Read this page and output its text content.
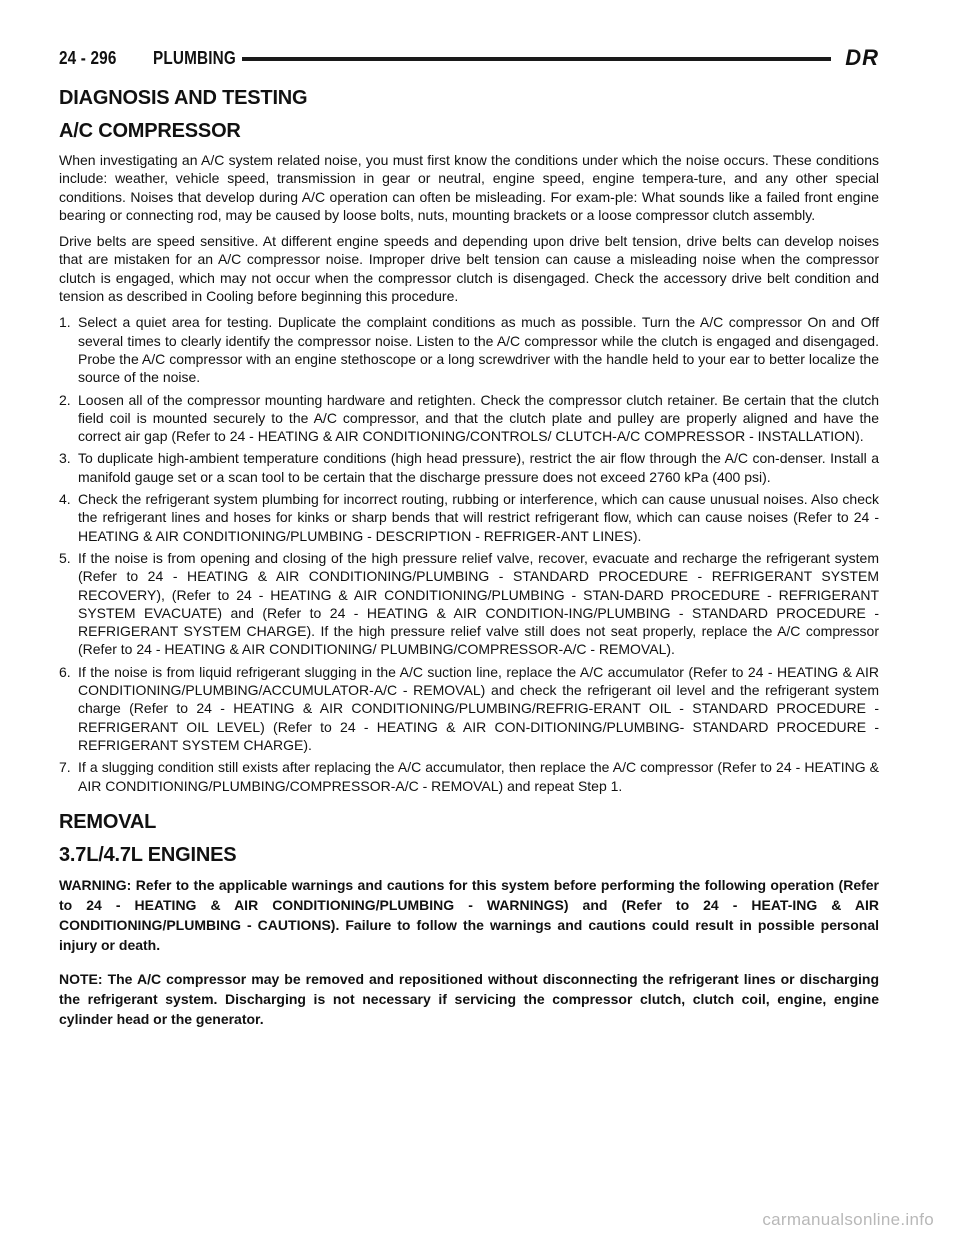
24 - 296 PLUMBING	DR
DIAGNOSIS AND TESTING
A/C COMPRESSOR

When investigating an A/C system related noise, you must first know the conditions under which the noise occurs. These conditions include: weather, vehicle speed, transmission in gear or neutral, engine speed, engine tempera-ture, and any other special conditions. Noises that develop during A/C operation can often be misleading. For exam-ple: What sounds like a failed front engine bearing or connecting rod, may be caused by loose bolts, nuts, mounting brackets or a loose compressor clutch assembly.

Drive belts are speed sensitive. At different engine speeds and depending upon drive belt tension, drive belts can develop noises that are mistaken for an A/C compressor noise. Improper drive belt tension can cause a misleading noise when the compressor clutch is engaged, which may not occur when the compressor clutch is disengaged. Check the accessory drive belt condition and tension as described in Cooling before beginning this procedure.

1. Select a quiet area for testing. Duplicate the complaint conditions as much as possible. Turn the A/C compressor On and Off several times to clearly identify the compressor noise. Listen to the A/C compressor while the clutch is engaged and disengaged. Probe the A/C compressor with an engine stethoscope or a long screwdriver with the handle held to your ear to better localize the source of the noise.
2. Loosen all of the compressor mounting hardware and retighten. Check the compressor clutch retainer. Be certain that the clutch field coil is mounted securely to the A/C compressor, and that the clutch plate and pulley are properly aligned and have the correct air gap (Refer to 24 - HEATING & AIR CONDITIONING/CONTROLS/ CLUTCH-A/C COMPRESSOR - INSTALLATION).
3. To duplicate high-ambient temperature conditions (high head pressure), restrict the air flow through the A/C con-denser. Install a manifold gauge set or a scan tool to be certain that the discharge pressure does not exceed 2760 kPa (400 psi).
4. Check the refrigerant system plumbing for incorrect routing, rubbing or interference, which can cause unusual noises. Also check the refrigerant lines and hoses for kinks or sharp bends that will restrict refrigerant flow, which can cause noises (Refer to 24 - HEATING & AIR CONDITIONING/PLUMBING - DESCRIPTION - REFRIGER-ANT LINES).
5. If the noise is from opening and closing of the high pressure relief valve, recover, evacuate and recharge the refrigerant system (Refer to 24 - HEATING & AIR CONDITIONING/PLUMBING - STANDARD PROCEDURE - REFRIGERANT SYSTEM RECOVERY), (Refer to 24 - HEATING & AIR CONDITIONING/PLUMBING - STAN-DARD PROCEDURE - REFRIGERANT SYSTEM EVACUATE) and (Refer to 24 - HEATING & AIR CONDITION-ING/PLUMBING - STANDARD PROCEDURE - REFRIGERANT SYSTEM CHARGE). If the high pressure relief valve still does not seat properly, replace the A/C compressor (Refer to 24 - HEATING & AIR CONDITIONING/ PLUMBING/COMPRESSOR-A/C - REMOVAL).
6. If the noise is from liquid refrigerant slugging in the A/C suction line, replace the A/C accumulator (Refer to 24 - HEATING & AIR CONDITIONING/PLUMBING/ACCUMULATOR-A/C - REMOVAL) and check the refrigerant oil level and the refrigerant system charge (Refer to 24 - HEATING & AIR CONDITIONING/PLUMBING/REFRIG-ERANT OIL - STANDARD PROCEDURE - REFRIGERANT OIL LEVEL) (Refer to 24 - HEATING & AIR CON-DITIONING/PLUMBING- STANDARD PROCEDURE - REFRIGERANT SYSTEM CHARGE).
7. If a slugging condition still exists after replacing the A/C accumulator, then replace the A/C compressor (Refer to 24 - HEATING & AIR CONDITIONING/PLUMBING/COMPRESSOR-A/C - REMOVAL) and repeat Step 1.
REMOVAL
3.7L/4.7L ENGINES

WARNING: Refer to the applicable warnings and cautions for this system before performing the following operation (Refer to 24 - HEATING & AIR CONDITIONING/PLUMBING - WARNINGS) and (Refer to 24 - HEAT-ING & AIR CONDITIONING/PLUMBING - CAUTIONS). Failure to follow the warnings and cautions could result in possible personal injury or death.

NOTE: The A/C compressor may be removed and repositioned without disconnecting the refrigerant lines or discharging the refrigerant system. Discharging is not necessary if servicing the compressor clutch, clutch coil, engine, engine cylinder head or the generator.

carmanualsonline.info
